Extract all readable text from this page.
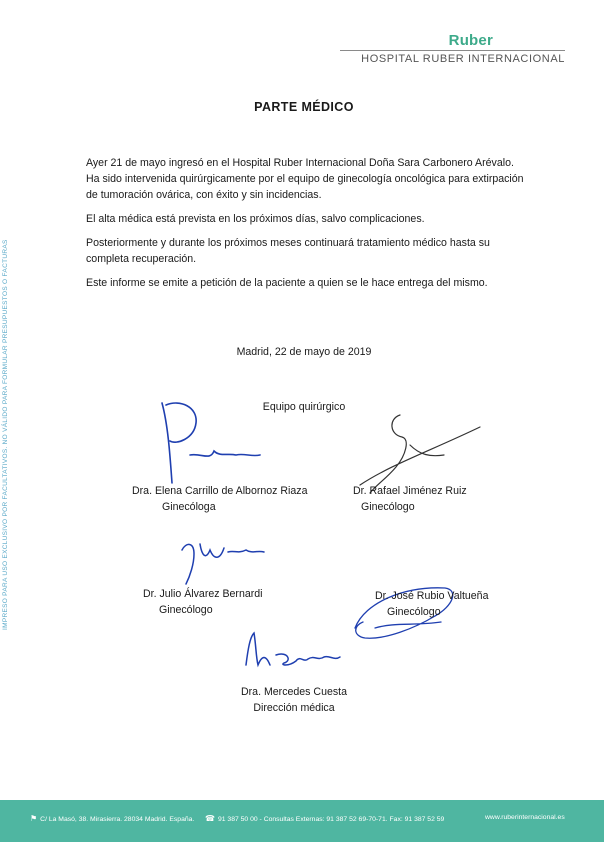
Ruber
HOSPITAL RUBER INTERNACIONAL
IMPRESO PARA USO EXCLUSIVO POR FACULTATIVOS. NO VÁLIDO PARA FORMULAR PRESUPUESTOS O FACTURAS
PARTE MÉDICO

Ayer 21 de mayo ingresó en el Hospital Ruber Internacional Doña Sara Carbonero Arévalo. Ha sido intervenida quirúrgicamente por el equipo de ginecología oncológica para extirpación de tumoración ovárica, con éxito y sin incidencias.

El alta médica está prevista en los próximos días, salvo complicaciones.

Posteriormente y durante los próximos meses continuará tratamiento médico hasta su completa recuperación.

Este informe se emite a petición de la paciente a quien se le hace entrega del mismo.

Madrid, 22 de mayo de 2019
Equipo quirúrgico
Dra. Elena Carrillo de Albornoz Riaza
Ginecóloga
Dr. Rafael Jiménez Ruiz
Ginecólogo
Dr. Julio Álvarez Bernardi
Ginecólogo
Dr. José Rubio Valtueña
Ginecólogo
Dra. Mercedes Cuesta
Dirección médica
⚑ C/ La Masó, 38. Mirasierra. 28034 Madrid. España. ☎ 91 387 50 00 - Consultas Externas: 91 387 52 69-70-71. Fax: 91 387 52 59	www.ruberinternacional.es
